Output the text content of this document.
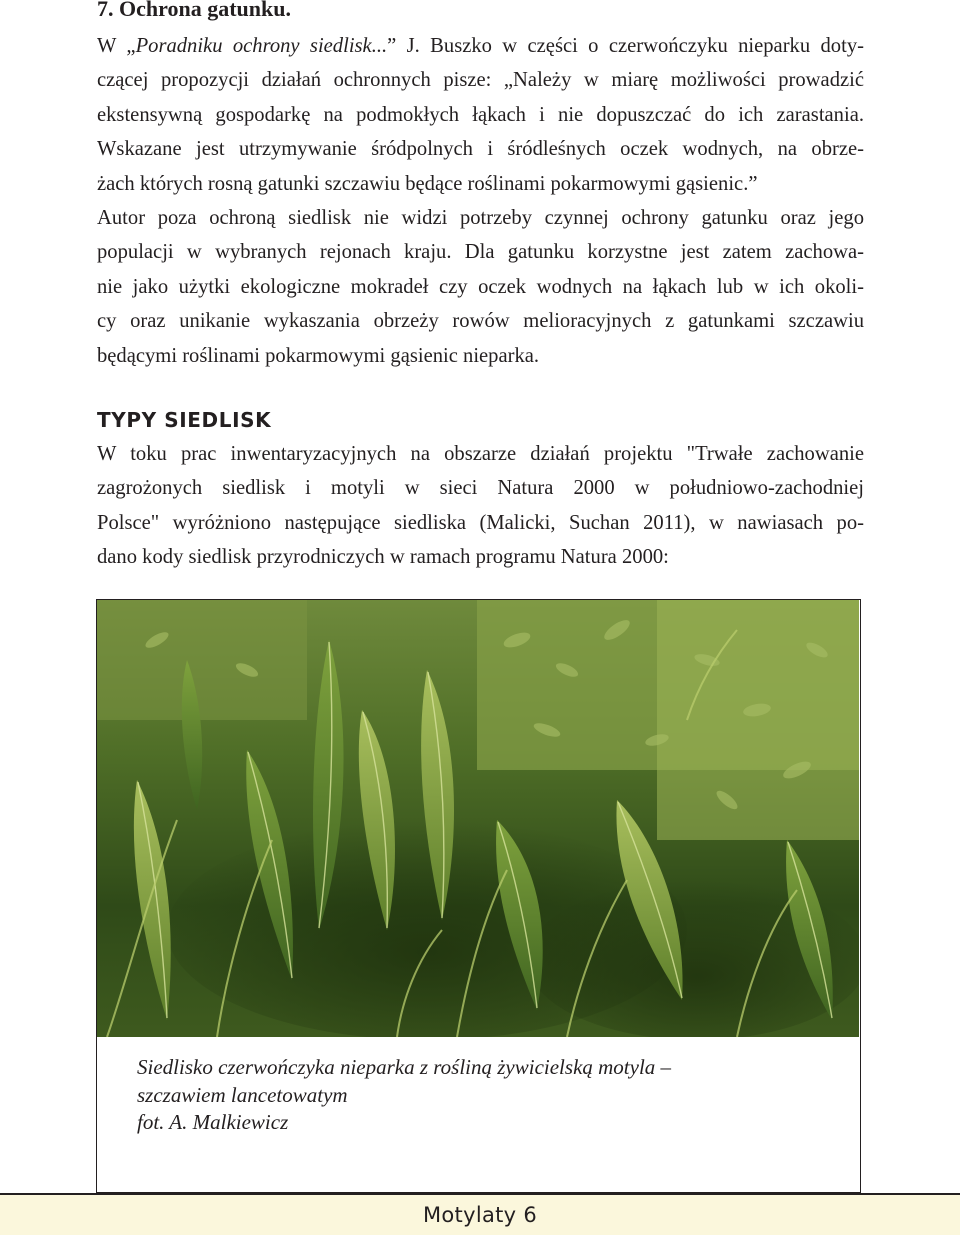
7. Ochrona gatunku.
W „Poradniku ochrony siedlisk...” J. Buszko w części o czerwończyku nieparku doty-
czącej propozycji działań ochronnych pisze: „Należy w miarę możliwości prowadzić
ekstensywną gospodarkę na podmokłych łąkach i nie dopuszczać do ich zarastania.
Wskazane jest utrzymywanie śródpolnych i śródleśnych oczek wodnych, na obrze-
żach których rosną gatunki szczawiu będące roślinami pokarmowymi gąsienic.”
Autor poza ochroną siedlisk nie widzi potrzeby czynnej ochrony gatunku oraz jego
populacji w wybranych rejonach kraju. Dla gatunku korzystne jest zatem zachowa-
nie jako użytki ekologiczne mokradeł czy oczek wodnych na łąkach lub w ich okoli-
cy oraz unikanie wykaszania obrzeży rowów melioracyjnych z gatunkami szczawiu
będącymi roślinami pokarmowymi gąsienic nieparka.
TYPY SIEDLISK
W toku prac inwentaryzacyjnych na obszarze działań projektu "Trwałe zachowanie
zagrożonych siedlisk i motyli w sieci Natura 2000 w południowo-zachodniej
Polsce" wyróżniono następujące siedliska (Malicki, Suchan 2011), w nawiasach po-
dano kody siedlisk przyrodniczych w ramach programu Natura 2000:

Siedlisko czerwończyka nieparka z rośliną żywicielską motyla –
szczawiem lancetowatym
fot. A. Malkiewicz

Motylaty 6
